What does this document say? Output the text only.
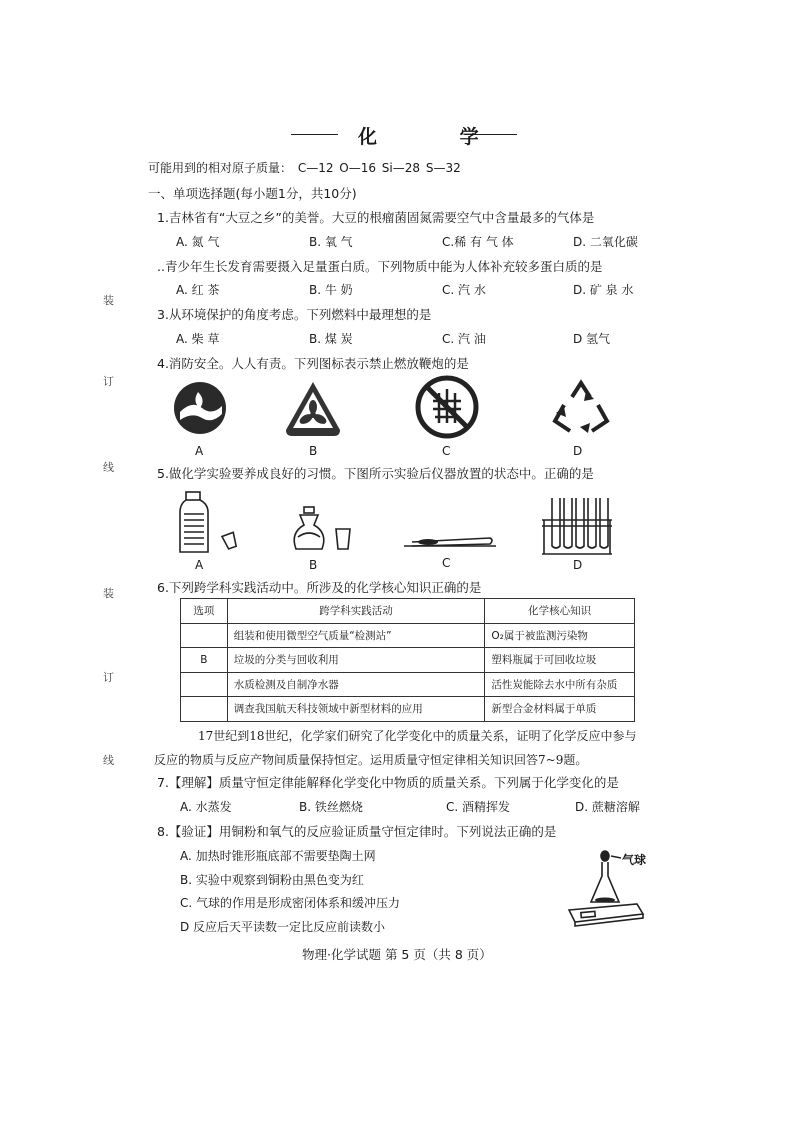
化 学
可能用到的相对原子质量： C—12 O—16 Si—28 S—32
一、单项选择题(每小题1分，共10分)
1.吉林省有“大豆之乡”的美誉。大豆的根瘤菌固氮需要空气中含量最多的气体是
A. 氮 气	B. 氧 气	C.稀 有 气 体	D. 二氧化碳
..青少年生长发育需要摄入足量蛋白质。下列物质中能为人体补充较多蛋白质的是
A. 红 茶	B. 牛 奶	C. 汽 水	D. 矿 泉 水
3.从环境保护的角度考虑。下列燃料中最理想的是
A. 柴 草	B. 煤 炭	C. 汽 油	D 氢气
4.消防安全。人人有责。下列图标表示禁止燃放鞭炮的是
A	B	C	D
5.做化学实验要养成良好的习惯。下图所示实验后仪器放置的状态中。正确的是
A	B	C	D
6.下列跨学科实践活动中。所涉及的化学核心知识正确的是
选项	跨学科实践活动	化学核心知识
	组装和使用微型空气质量“检测站”	O₂属于被监测污染物
B	垃圾的分类与回收利用	塑料瓶属于可回收垃圾
	水质检测及自制净水器	活性炭能除去水中所有杂质
	调查我国航天科技领域中新型材料的应用	新型合金材料属于单质
17世纪到18世纪，化学家们研究了化学变化中的质量关系，证明了化学反应中参与
反应的物质与反应产物间质量保持恒定。运用质量守恒定律相关知识回答7~9题。
7.【理解】质量守恒定律能解释化学变化中物质的质量关系。下列属于化学变化的是
A. 水蒸发	B. 铁丝燃烧	C. 酒精挥发	D. 蔗糖溶解
8.【验证】用铜粉和氧气的反应验证质量守恒定律时。下列说法正确的是
A. 加热时锥形瓶底部不需要垫陶土网
B. 实验中观察到铜粉由黑色变为红
C. 气球的作用是形成密闭体系和缓冲压力
D 反应后天平读数一定比反应前读数小
气球
装
订
线
装
订
线
物理·化学试题 第 5 页（共 8 页）
